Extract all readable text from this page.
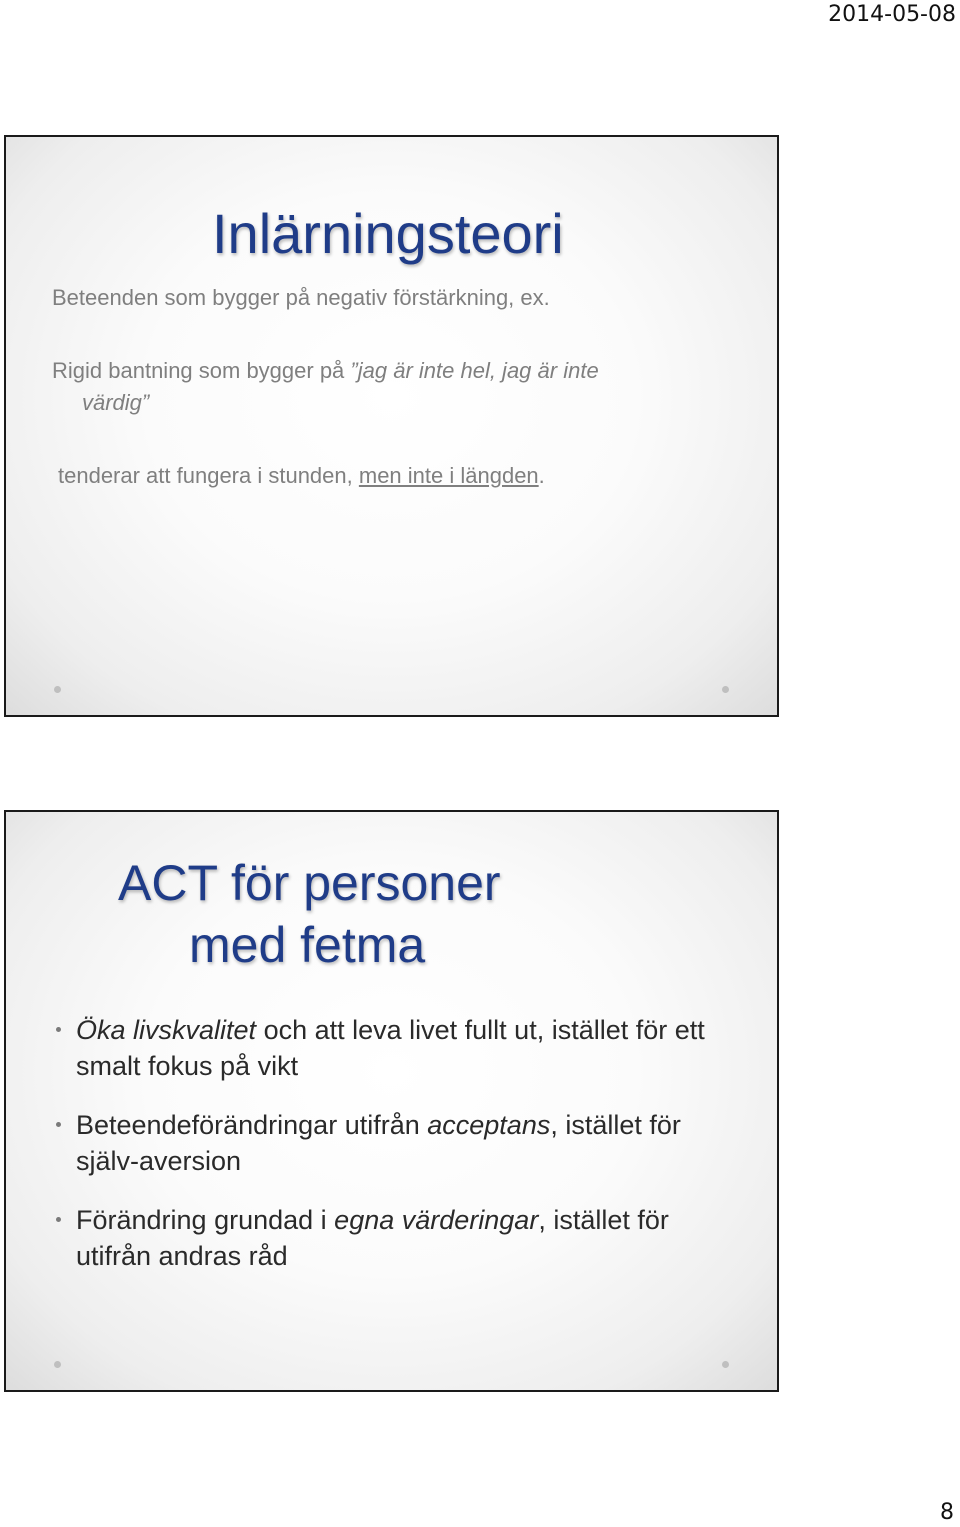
2014-05-08
Inlärningsteori
Beteenden som bygger på negativ förstärkning, ex.
Rigid bantning som bygger på ”jag är inte hel, jag är inte
värdig”
tenderar att fungera i stunden, men inte i längden.
ACT för personer
med fetma
Öka livskvalitet och att leva livet fullt ut, istället för ett smalt fokus på vikt
Beteendeförändringar utifrån acceptans, istället för själv-aversion
Förändring grundad i egna värderingar, istället för utifrån andras råd
8
